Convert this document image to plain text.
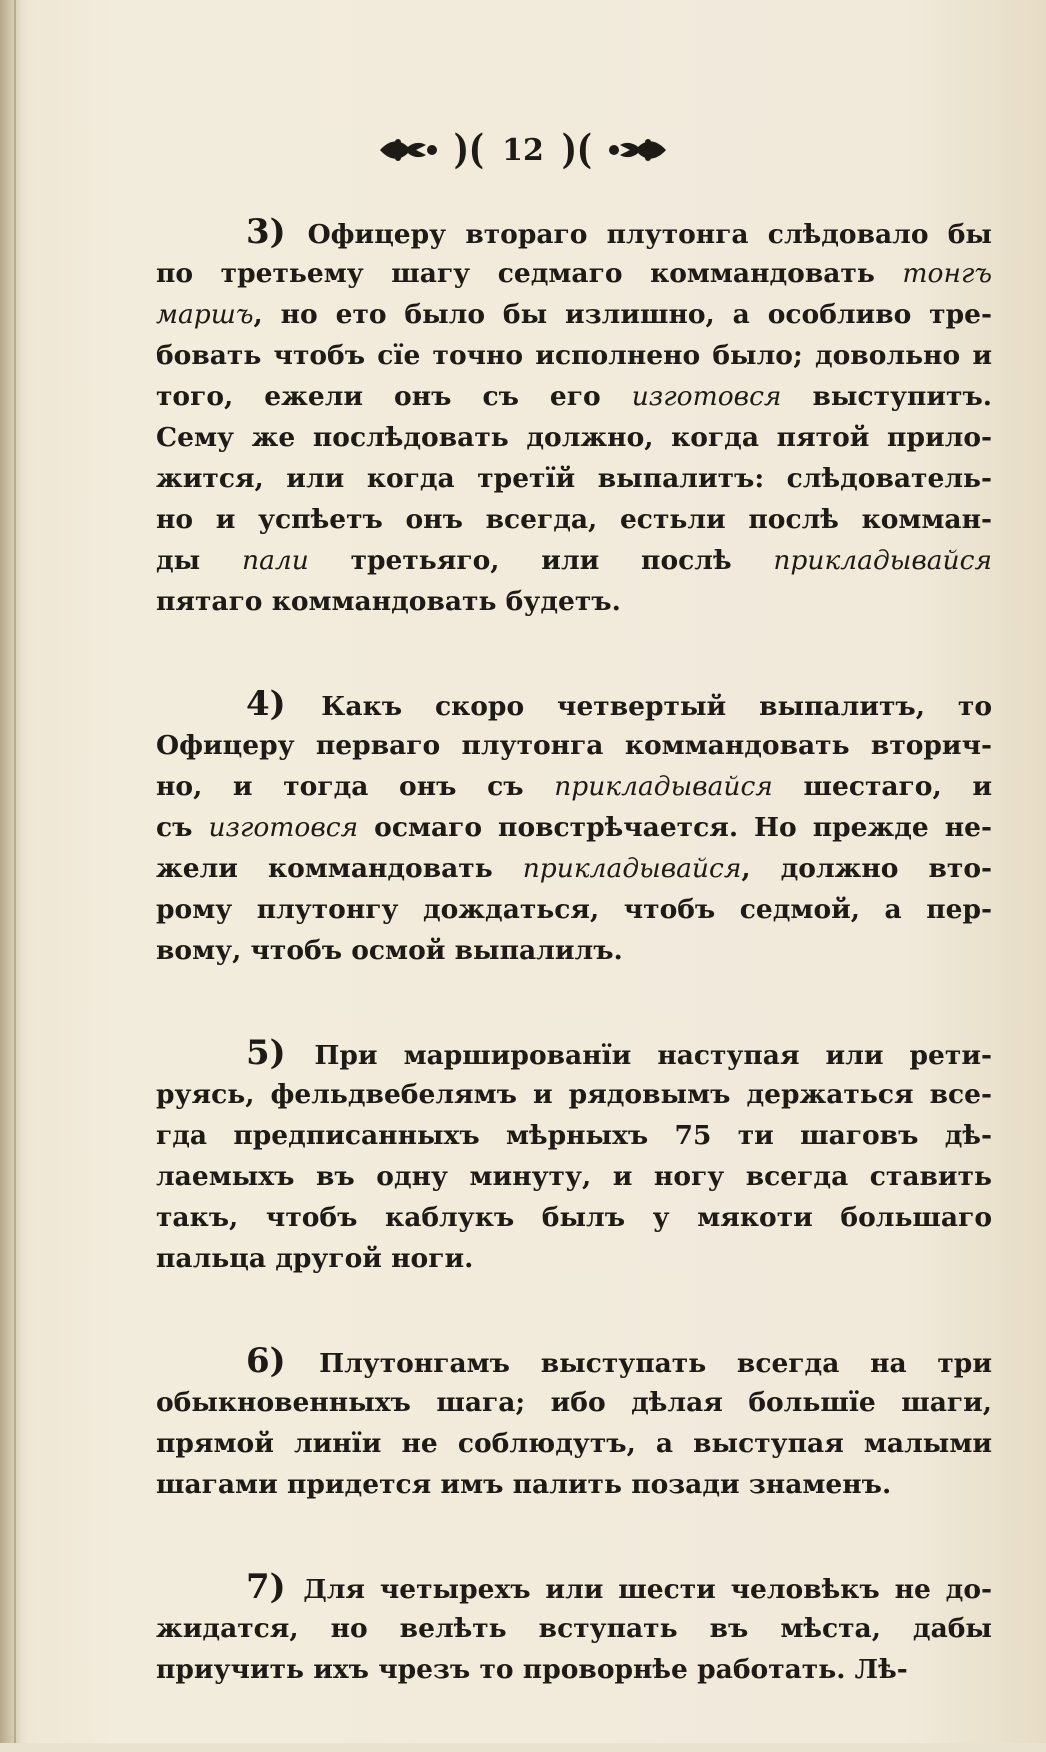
)( 12 )(
3) Офицеру втораго плутонга слѣдовало бы
по третьему шагу седмаго коммандовать тонгъ
маршъ, но ето было бы излишно, а особливо тре-
бовать чтобъ сїе точно исполнено было; довольно и
того, ежели онъ съ его изготовся выступитъ.
Сему же послѣдовать должно, когда пятой прило-
жится, или когда третїй выпалитъ: слѣдователь-
но и успѣетъ онъ всегда, естьли послѣ комман-
ды пали третьяго, или послѣ прикладывайся
пятаго коммандовать будетъ.
4) Какъ скоро четвертый выпалитъ, то
Офицеру перваго плутонга коммандовать вторич-
но, и тогда онъ съ прикладывайся шестаго, и
съ изготовся осмаго повстрѣчается. Но прежде не-
жели коммандовать прикладывайся, должно вто-
рому плутонгу дождаться, чтобъ седмой, а пер-
вому, чтобъ осмой выпалилъ.
5) При маршированїи наступая или рети-
руясь, фельдвебелямъ и рядовымъ держаться все-
гда предписанныхъ мѣрныхъ 75 ти шаговъ дѣ-
лаемыхъ въ одну минуту, и ногу всегда ставить
такъ, чтобъ каблукъ былъ у мякоти большаго
пальца другой ноги.
6) Плутонгамъ выступать всегда на три
обыкновенныхъ шага; ибо дѣлая большїе шаги,
прямой линїи не соблюдутъ, а выступая малыми
шагами придется имъ палить позади знаменъ.
7) Для четырехъ или шести человѣкъ не до-
жидатся, но велѣть вступать въ мѣста, дабы
приучить ихъ чрезъ то проворнѣе работать. Лѣ-
